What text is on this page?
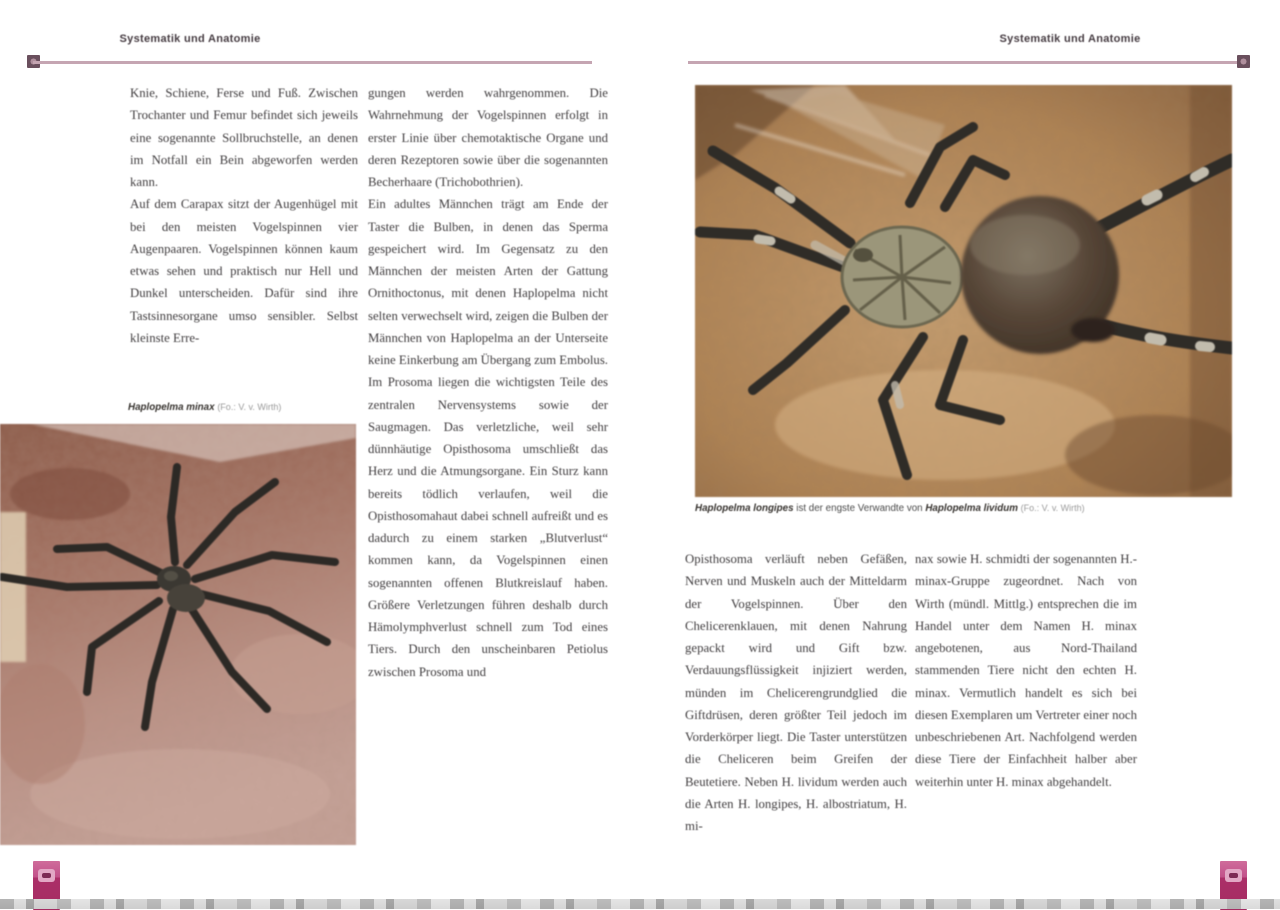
Systematik und Anatomie

Knie, Schiene, Ferse und Fuß. Zwischen Trochanter und Femur befindet sich jeweils eine sogenannte Sollbruchstelle, an denen im Notfall ein Bein abgeworfen werden kann.

Auf dem Carapax sitzt der Augenhügel mit bei den meisten Vogelspinnen vier Augenpaaren. Vogelspinnen können kaum etwas sehen und praktisch nur Hell und Dunkel unterscheiden. Dafür sind ihre Tastsinnesorgane umso sensibler. Selbst kleinste Erre-

Haplopelma minax (Fo.: V. v. Wirth)

gungen werden wahrgenommen. Die Wahrnehmung der Vogelspinnen erfolgt in erster Linie über chemotaktische Organe und deren Rezeptoren sowie über die sogenannten Becherhaare (Trichobothrien).

Ein adultes Männchen trägt am Ende der Taster die Bulben, in denen das Sperma gespeichert wird. Im Gegensatz zu den Männchen der meisten Arten der Gattung Ornithoctonus, mit denen Haplopelma nicht selten verwechselt wird, zeigen die Bulben der Männchen von Haplopelma an der Unterseite keine Einkerbung am Übergang zum Embolus.

Im Prosoma liegen die wichtigsten Teile des zentralen Nervensystems sowie der Saugmagen. Das verletzliche, weil sehr dünnhäutige Opisthosoma umschließt das Herz und die Atmungsorgane. Ein Sturz kann bereits tödlich verlaufen, weil die Opisthosomahaut dabei schnell aufreißt und es dadurch zu einem starken „Blutverlust“ kommen kann, da Vogelspinnen einen sogenannten offenen Blutkreislauf haben. Größere Verletzungen führen deshalb durch Hämolymphverlust schnell zum Tod eines Tiers. Durch den unscheinbaren Petiolus zwischen Prosoma und

Systematik und Anatomie
Haplopelma longipes ist der engste Verwandte von Haplopelma lividum (Fo.: V. v. Wirth)

Opisthosoma verläuft neben Gefäßen, Nerven und Muskeln auch der Mitteldarm der Vogelspinnen. Über den Chelicerenklauen, mit denen Nahrung gepackt wird und Gift bzw. Verdauungsflüssigkeit injiziert werden, münden im Chelicerengrundglied die Giftdrüsen, deren größter Teil jedoch im Vorderkörper liegt. Die Taster unterstützen die Cheliceren beim Greifen der Beutetiere. Neben H. lividum werden auch die Arten H. longipes, H. albostriatum, H. mi-

nax sowie H. schmidti der sogenannten H.-minax-Gruppe zugeordnet. Nach von Wirth (mündl. Mittlg.) entsprechen die im Handel unter dem Namen H. minax angebotenen, aus Nord-Thailand stammenden Tiere nicht den echten H. minax. Vermutlich handelt es sich bei diesen Exemplaren um Vertreter einer noch unbeschriebenen Art. Nachfolgend werden diese Tiere der Einfachheit halber aber weiterhin unter H. minax abgehandelt.
